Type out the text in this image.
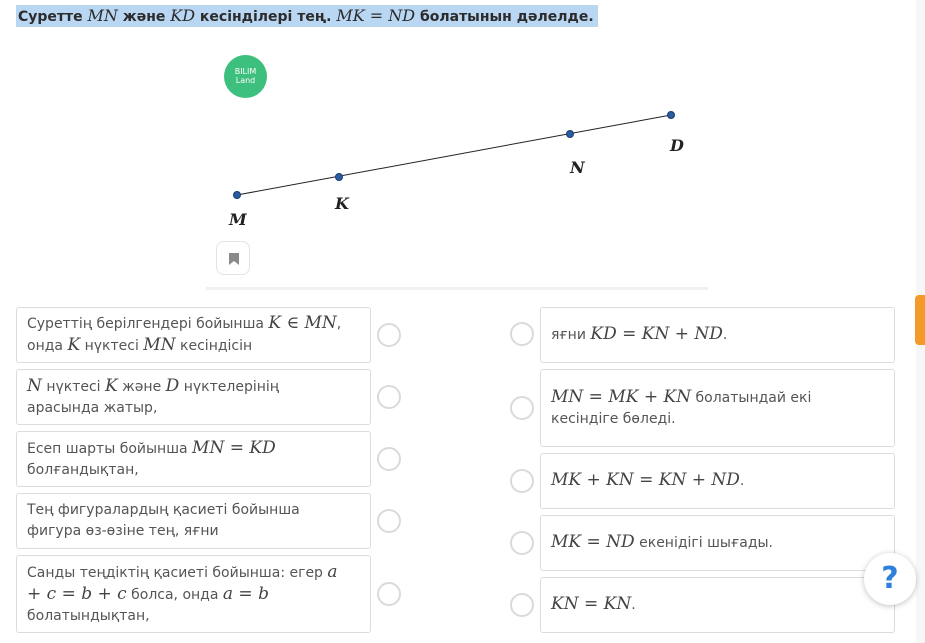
Суретте MN және KD кесінділері тең. MK = ND болатынын дәлелде.
BILIM
Land
M
K
N
D
Суреттің берілгендері бойынша K ∈ MN,
онда K нүктесі MN кесіндісін
N нүктесі K және D нүктелерінің
арасында жатыр,
Есеп шарты бойынша MN = KD
болғандықтан,
Тең фигуралардың қасиеті бойынша
фигура өз-өзіне тең, яғни
Санды теңдіктің қасиеті бойынша: егер a
+ c = b + c болса, онда a = b
болатындықтан,
яғни KD = KN + ND.
MN = MK + KN болатындай екі
кесіндіге бөледі.
MK + KN = KN + ND.
MK = ND екенідігі шығады.
KN = KN.
?
